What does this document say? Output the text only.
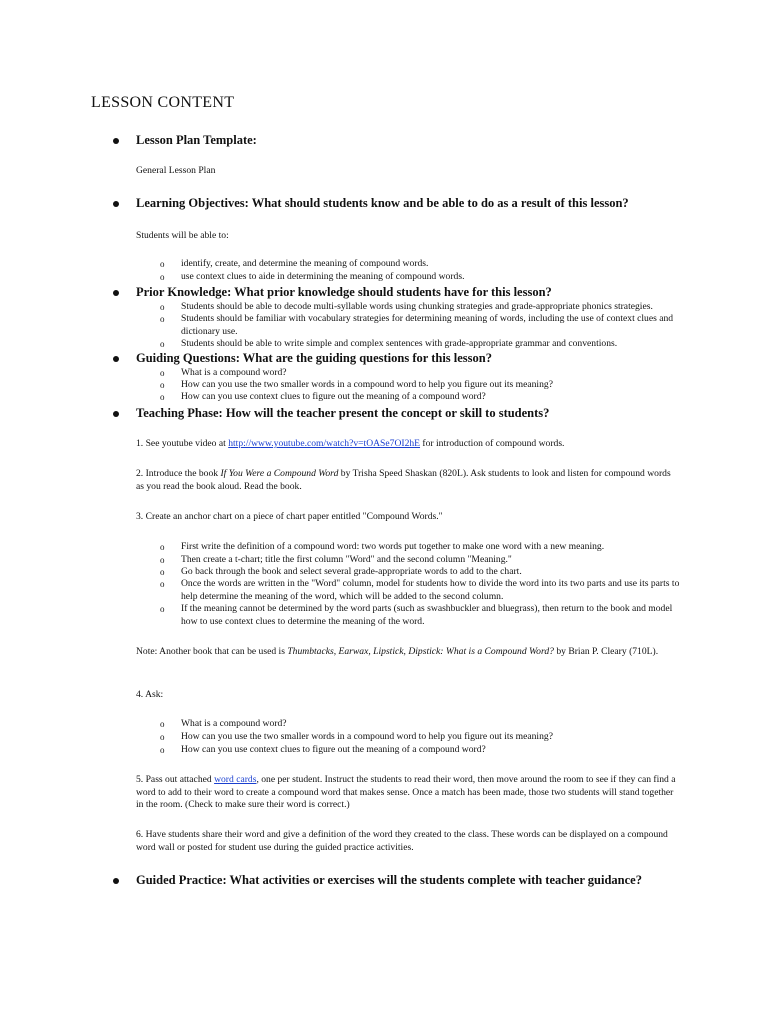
LESSON CONTENT
Lesson Plan Template:
General Lesson Plan
Learning Objectives: What should students know and be able to do as a result of this lesson?
Students will be able to:
o identify, create, and determine the meaning of compound words.
o use context clues to aide in determining the meaning of compound words.
Prior Knowledge: What prior knowledge should students have for this lesson?
o Students should be able to decode multi-syllable words using chunking strategies and grade-appropriate phonics strategies.
o Students should be familiar with vocabulary strategies for determining meaning of words, including the use of context clues and dictionary use.
o Students should be able to write simple and complex sentences with grade-appropriate grammar and conventions.
Guiding Questions: What are the guiding questions for this lesson?
o What is a compound word?
o How can you use the two smaller words in a compound word to help you figure out its meaning?
o How can you use context clues to figure out the meaning of a compound word?
Teaching Phase: How will the teacher present the concept or skill to students?
1. See youtube video at http://www.youtube.com/watch?v=tOASe7OI2hE for introduction of compound words.
2. Introduce the book If You Were a Compound Word by Trisha Speed Shaskan (820L). Ask students to look and listen for compound words as you read the book aloud. Read the book.
3. Create an anchor chart on a piece of chart paper entitled "Compound Words."
o First write the definition of a compound word: two words put together to make one word with a new meaning.
o Then create a t-chart; title the first column "Word" and the second column "Meaning."
o Go back through the book and select several grade-appropriate words to add to the chart.
o Once the words are written in the "Word" column, model for students how to divide the word into its two parts and use its parts to help determine the meaning of the word, which will be added to the second column.
o If the meaning cannot be determined by the word parts (such as swashbuckler and bluegrass), then return to the book and model how to use context clues to determine the meaning of the word.
Note: Another book that can be used is Thumbtacks, Earwax, Lipstick, Dipstick: What is a Compound Word? by Brian P. Cleary (710L).
4. Ask:
o What is a compound word?
o How can you use the two smaller words in a compound word to help you figure out its meaning?
o How can you use context clues to figure out the meaning of a compound word?
5. Pass out attached word cards, one per student. Instruct the students to read their word, then move around the room to see if they can find a word to add to their word to create a compound word that makes sense. Once a match has been made, those two students will stand together in the room. (Check to make sure their word is correct.)
6. Have students share their word and give a definition of the word they created to the class. These words can be displayed on a compound word wall or posted for student use during the guided practice activities.
Guided Practice: What activities or exercises will the students complete with teacher guidance?
